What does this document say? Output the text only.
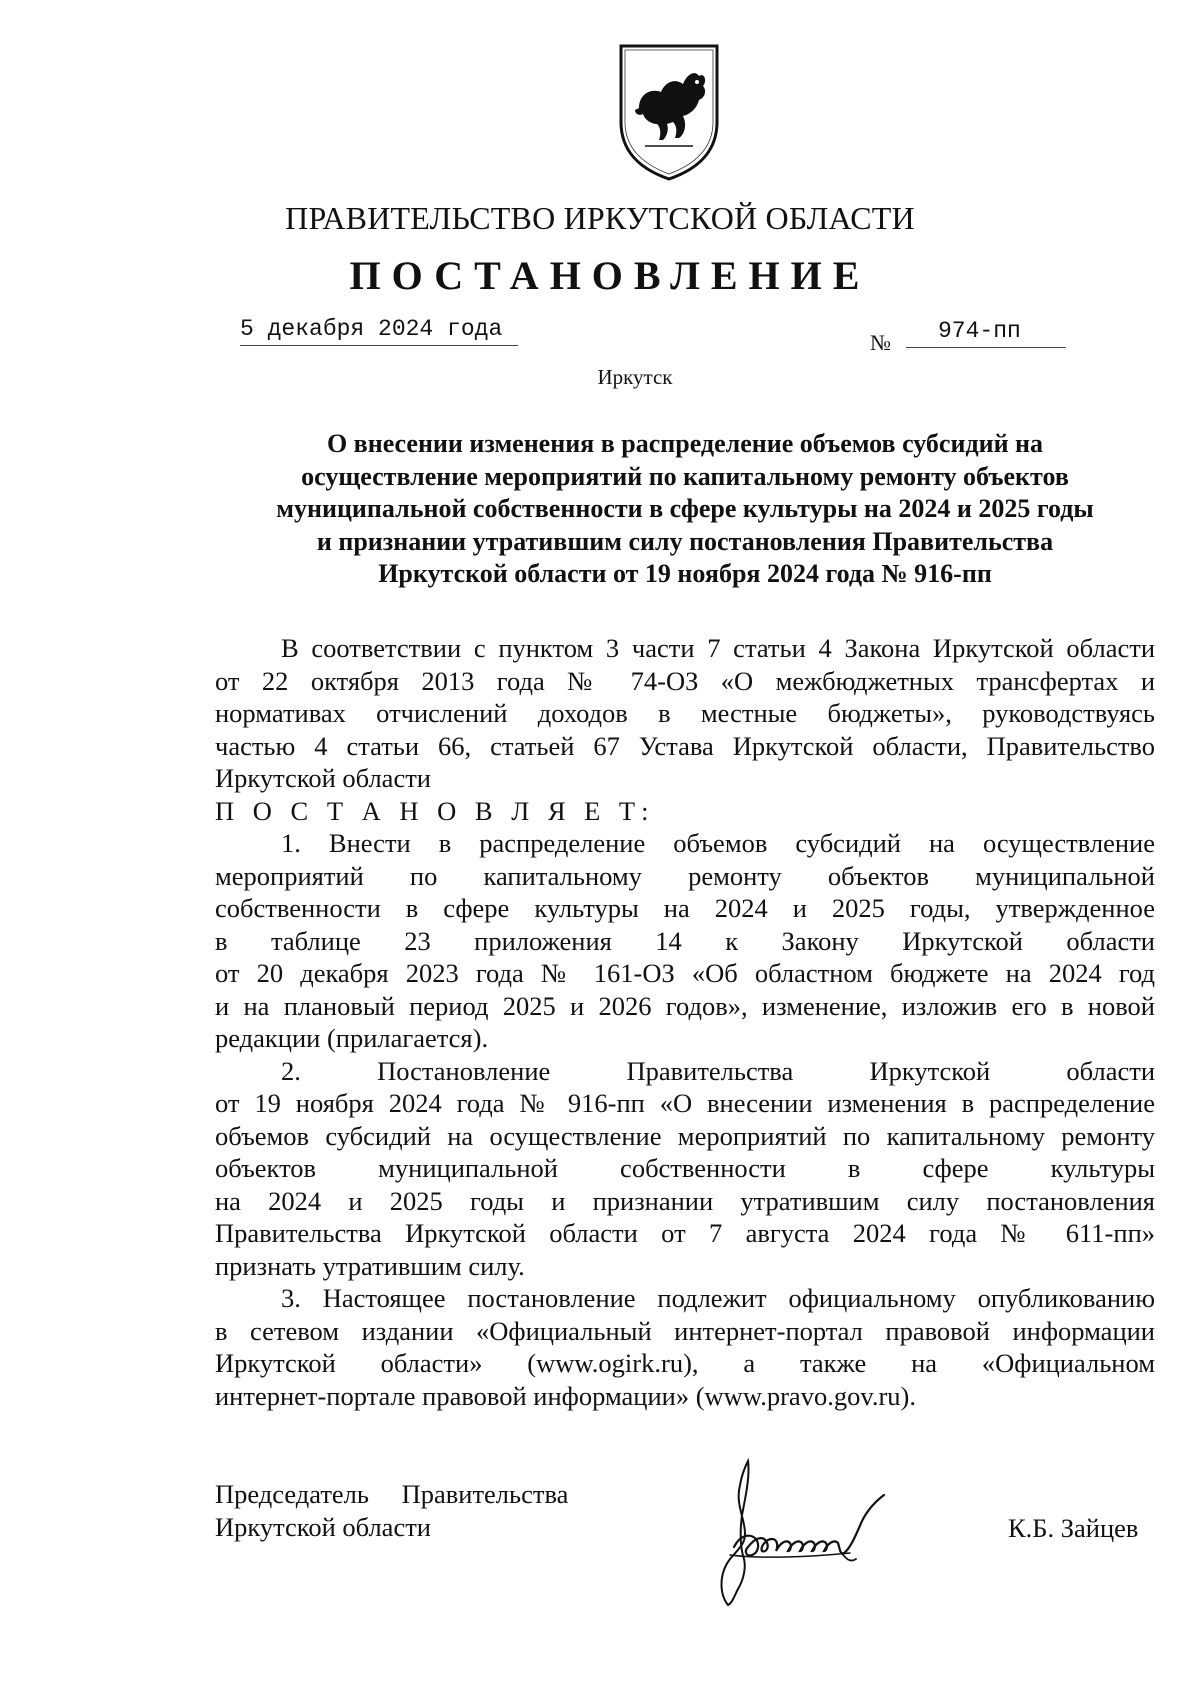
ПРАВИТЕЛЬСТВО ИРКУТСКОЙ ОБЛАСТИ
ПОСТАНОВЛЕНИЕ
5 декабря 2024 года
№	974-пп
Иркутск
О внесении изменения в распределение объемов субсидий на
осуществление мероприятий по капитальному ремонту объектов
муниципальной собственности в сфере культуры на 2024 и 2025 годы
и признании утратившим силу постановления Правительства
Иркутской области от 19 ноября 2024 года № 916-пп
В соответствии с пунктом 3 части 7 статьи 4 Закона Иркутской области
от 22 октября 2013 года № 74-ОЗ «О межбюджетных трансфертах и
нормативах отчислений доходов в местные бюджеты», руководствуясь
частью 4 статьи 66, статьей 67 Устава Иркутской области, Правительство
Иркутской области
П О С Т А Н О В Л Я Е Т:
1. Внести в распределение объемов субсидий на осуществление
мероприятий по капитальному ремонту объектов муниципальной
собственности в сфере культуры на 2024 и 2025 годы, утвержденное
в таблице 23 приложения 14 к Закону Иркутской области
от 20 декабря 2023 года № 161-ОЗ «Об областном бюджете на 2024 год
и на плановый период 2025 и 2026 годов», изменение, изложив его в новой
редакции (прилагается).
2. Постановление Правительства Иркутской области
от 19 ноября 2024 года № 916-пп «О внесении изменения в распределение
объемов субсидий на осуществление мероприятий по капитальному ремонту
объектов муниципальной собственности в сфере культуры
на 2024 и 2025 годы и признании утратившим силу постановления
Правительства Иркутской области от 7 августа 2024 года № 611-пп»
признать утратившим силу.
3. Настоящее постановление подлежит официальному опубликованию
в сетевом издании «Официальный интернет-портал правовой информации
Иркутской области» (www.ogirk.ru), а также на «Официальном
интернет-портале правовой информации» (www.pravo.gov.ru).
Председатель Правительства
Иркутской области	К.Б. Зайцев
